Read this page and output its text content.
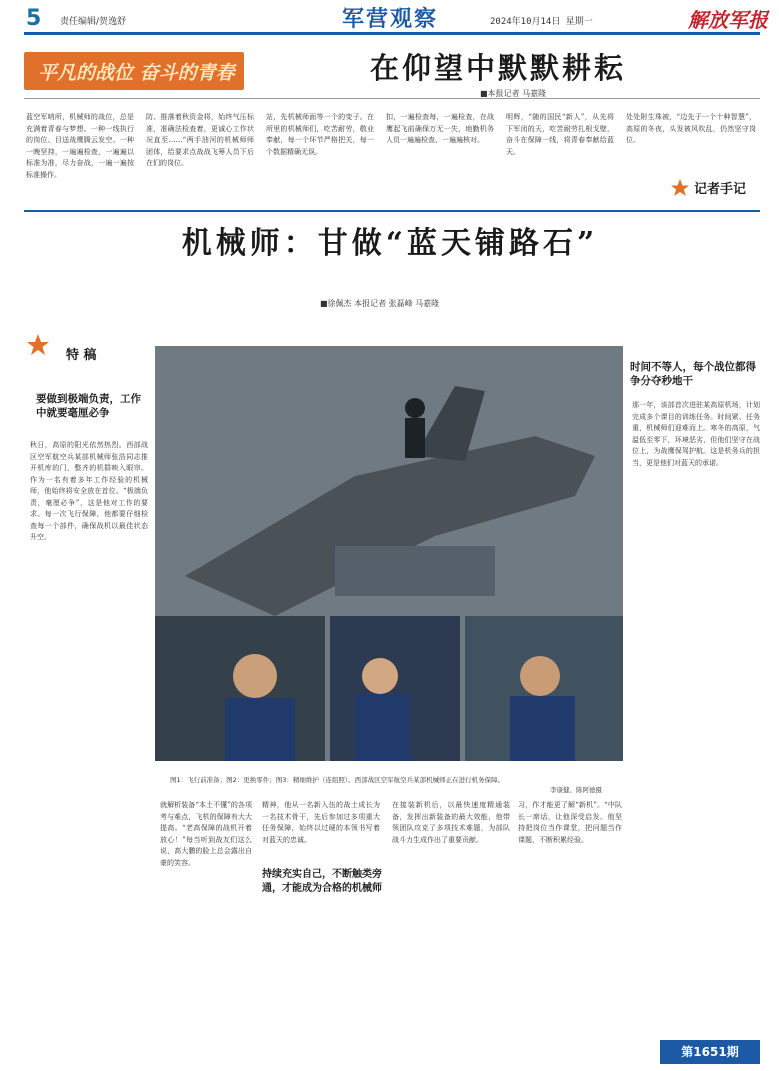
5 责任编辑/贺逸舒	军营观察	2024年10月14日 星期一	解放军报
平凡的战位 奋斗的青春	在仰望中默默耕耘
■本报记者 马嘉隆
蓝空军哨所，机械师的战位，总是充满着青春与梦想。一种一线执行的岗位、目送战鹰腾云发空。一种一晚坚持，一遍遍检查，一遍遍以标准为准，尽力奋战，一遍一遍按标准操作。
防、推落着秋资金将，始终气压标准，准确法检查着，更诚心工作状况直至……“两手油河的机械师师团体，给要求点战战飞筹人员下后在们的岗位。
站，先机械师面等一个的变子。在所里的机械师们，吃苦耐劳，敬业奉献，每一个环节严格把关，每一个数据精确无误。
扣，一遍检查每，一遍检查，在战鹰起飞前确保万无一失，地勤机务人员一遍遍检查、一遍遍核对。
明辉，“随的国民“新人”，从先将下军闭的天，吃苦耐劳扎根戈壁，奋斗在保障一线，将青春奉献给蓝天。
处处附生珠被，“边先于一个十种智慧”，高原的冬夜，头发被风吹乱，仍然坚守岗位。
记者手记
机械师：甘做“蓝天铺路石”
■徐佩杰 本报记者 张磊峰 马嘉隆
特 稿
要做到极端负责，工作中就要毫厘必争
秋日，高原的阳光依然热烈。西部战区空军航空兵某部机械师张浩同志推开机库的门，整齐的机群映入眼帘。作为一名有着多年工作经验的机械师，他始终将安全放在首位。“极端负责，毫厘必争”，这是他对工作的要求。每一次飞行保障，他都要仔细检查每一个部件，确保战机以最佳状态升空。
图1：飞行前准备；图2：更换零件；图3：精细维护（连组照）。西部战区空军航空兵某部机械师正在进行机务保障。
李康健、陈阿德摄
时间不等人，每个战位都得争分夺秒地干
那一年，该部首次进驻某高原机场，计划完成多个课目的训练任务。时间紧、任务重，机械师们迎难而上。寒冬的高原，气温低至零下，环境恶劣，但他们坚守在战位上，为战鹰保驾护航。这是机务兵的担当，更是他们对蓝天的承诺。
就解析装备“本土不懂”的各项考与难点，飞机的保障有大大提高。“老高保障的战机开着放心！”每当听到战友们这么说，高大鹏的脸上总会露出自豪的笑容。
持续充实自己，不断触类旁通，才能成为合格的机械师
精神，他从一名新入伍的战士成长为一名技术骨干，先后参加过多项重大任务保障，始终以过硬的本领书写着对蓝天的忠诚。
在接装新机后，以最快速度精通装备，发挥出新装备的最大效能，他带领团队攻克了多项技术难题，为部队战斗力生成作出了重要贡献。
习，作才能更了解“新机”。“中队长一席话，让他深受启发。他坚持把岗位当作课堂，把问题当作课题，不断积累经验。
第1651期
